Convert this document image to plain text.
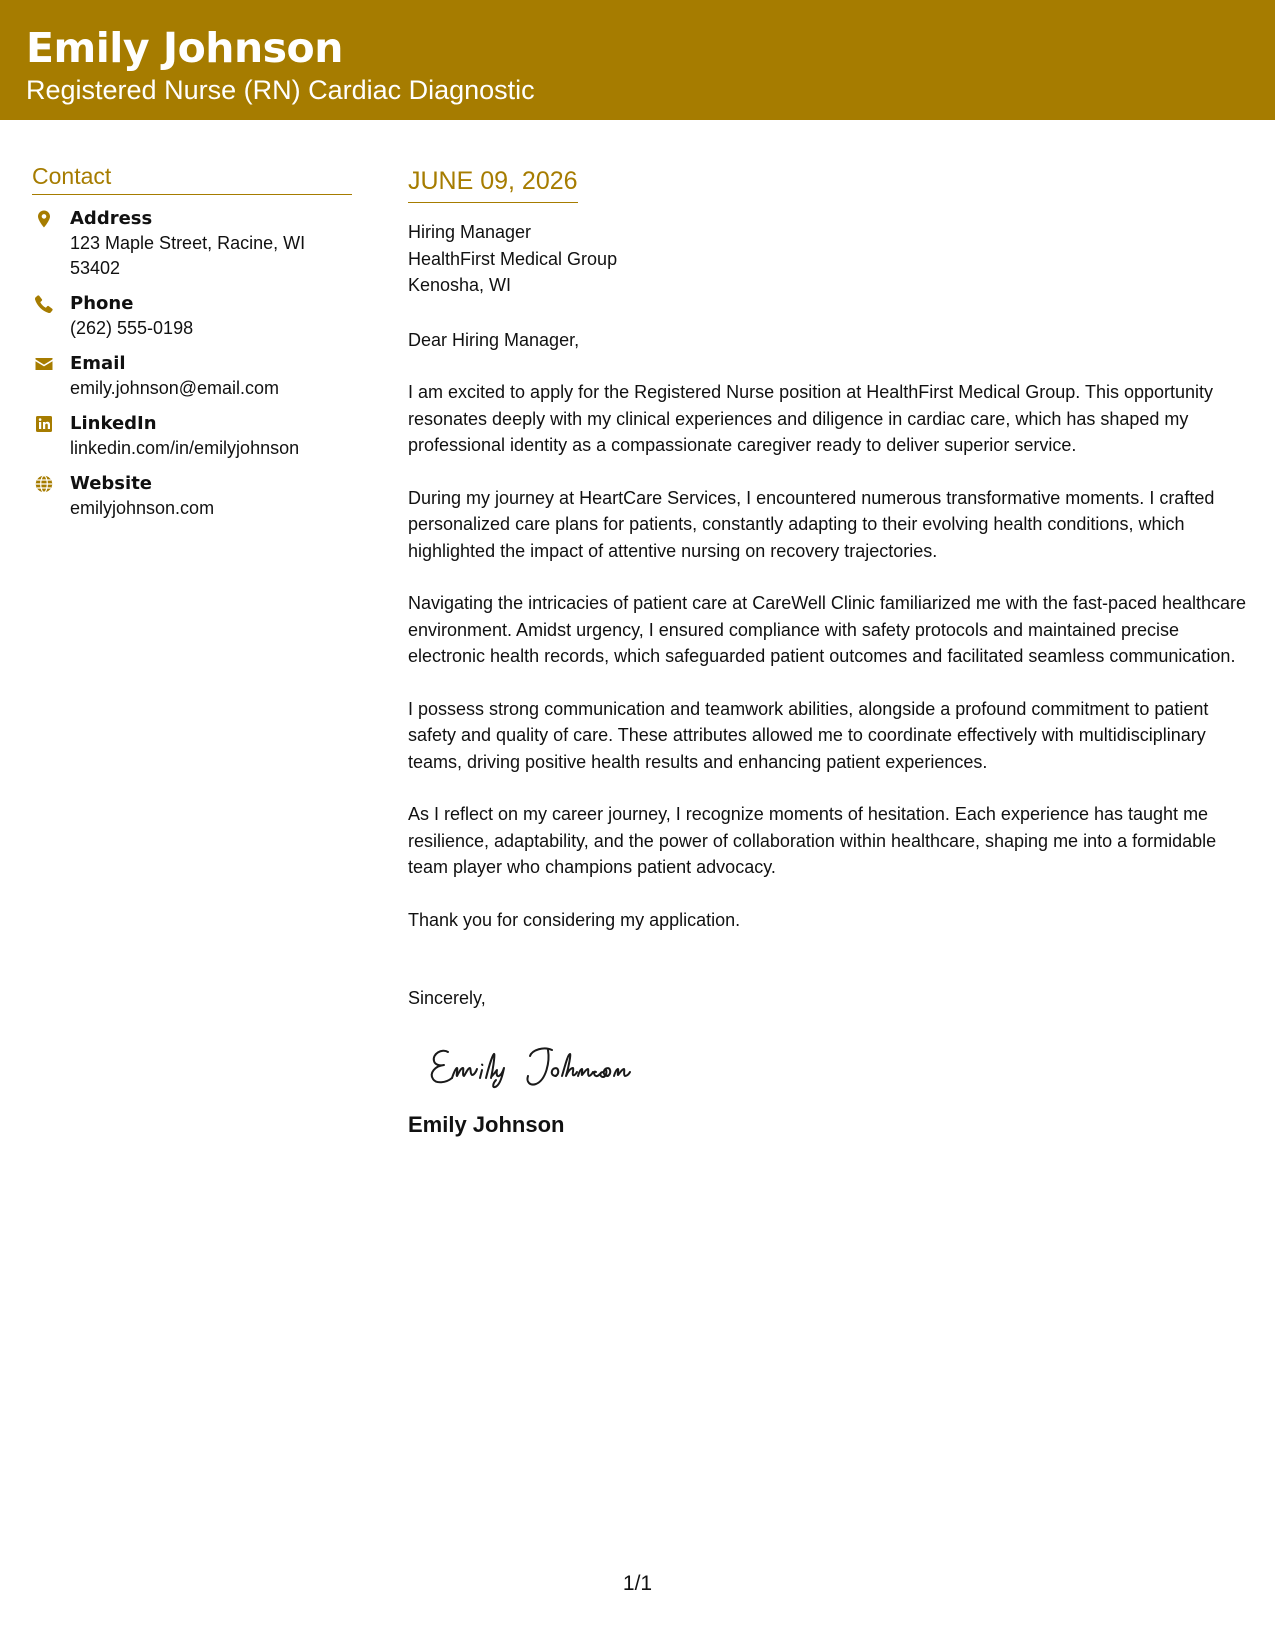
Emily Johnson
Registered Nurse (RN) Cardiac Diagnostic
Contact
Address
123 Maple Street, Racine, WI 53402
Phone
(262) 555-0198
Email
emily.johnson@email.com
LinkedIn
linkedin.com/in/emilyjohnson
Website
emilyjohnson.com
JUNE 09, 2026
Hiring Manager
HealthFirst Medical Group
Kenosha, WI
Dear Hiring Manager,
I am excited to apply for the Registered Nurse position at HealthFirst Medical Group. This opportunity resonates deeply with my clinical experiences and diligence in cardiac care, which has shaped my professional identity as a compassionate caregiver ready to deliver superior service.
During my journey at HeartCare Services, I encountered numerous transformative moments. I crafted personalized care plans for patients, constantly adapting to their evolving health conditions, which highlighted the impact of attentive nursing on recovery trajectories.
Navigating the intricacies of patient care at CareWell Clinic familiarized me with the fast-paced healthcare environment. Amidst urgency, I ensured compliance with safety protocols and maintained precise electronic health records, which safeguarded patient outcomes and facilitated seamless communication.
I possess strong communication and teamwork abilities, alongside a profound commitment to patient safety and quality of care. These attributes allowed me to coordinate effectively with multidisciplinary teams, driving positive health results and enhancing patient experiences.
As I reflect on my career journey, I recognize moments of hesitation. Each experience has taught me resilience, adaptability, and the power of collaboration within healthcare, shaping me into a formidable team player who champions patient advocacy.
Thank you for considering my application.
Sincerely,
Emily Johnson
1/1
